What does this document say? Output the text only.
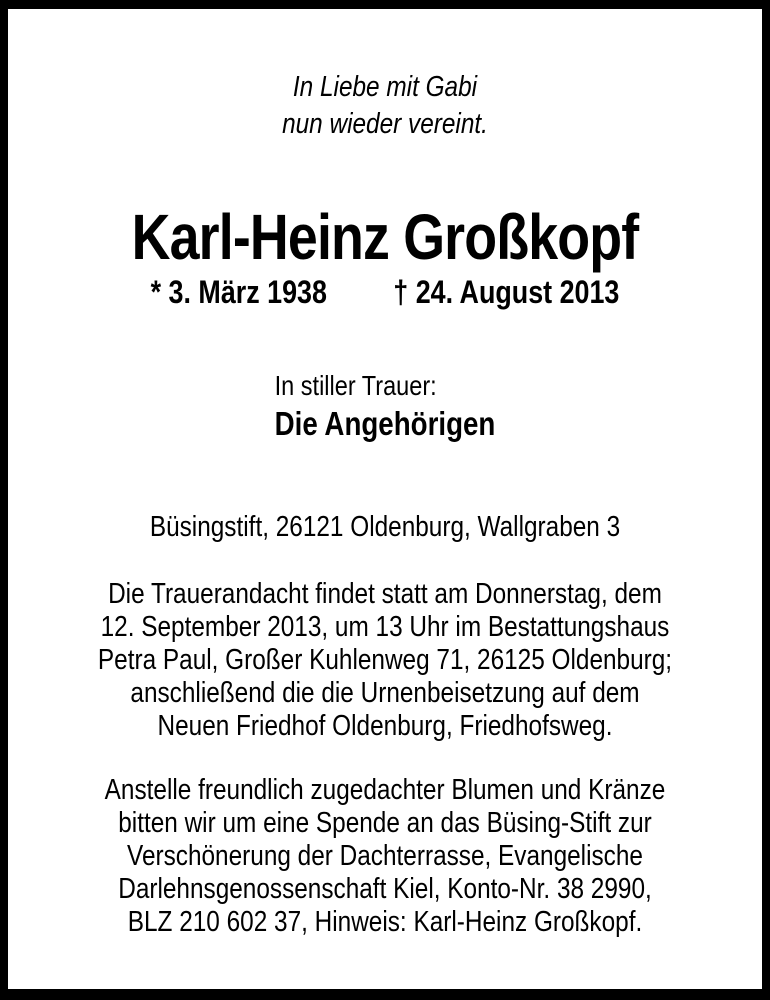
In Liebe mit Gabi
nun wieder vereint.
Karl-Heinz Großkopf
* 3. März 1938 † 24. August 2013
In stiller Trauer:
Die Angehörigen
Büsingstift, 26121 Oldenburg, Wallgraben 3
Die Trauerandacht findet statt am Donnerstag, dem
12. September 2013, um 13 Uhr im Bestattungshaus
Petra Paul, Großer Kuhlenweg 71, 26125 Oldenburg;
anschließend die die Urnenbeisetzung auf dem
Neuen Friedhof Oldenburg, Friedhofsweg.
Anstelle freundlich zugedachter Blumen und Kränze
bitten wir um eine Spende an das Büsing-Stift zur
Verschönerung der Dachterrasse, Evangelische
Darlehnsgenossenschaft Kiel, Konto-Nr. 38 2990,
BLZ 210 602 37, Hinweis: Karl-Heinz Großkopf.
